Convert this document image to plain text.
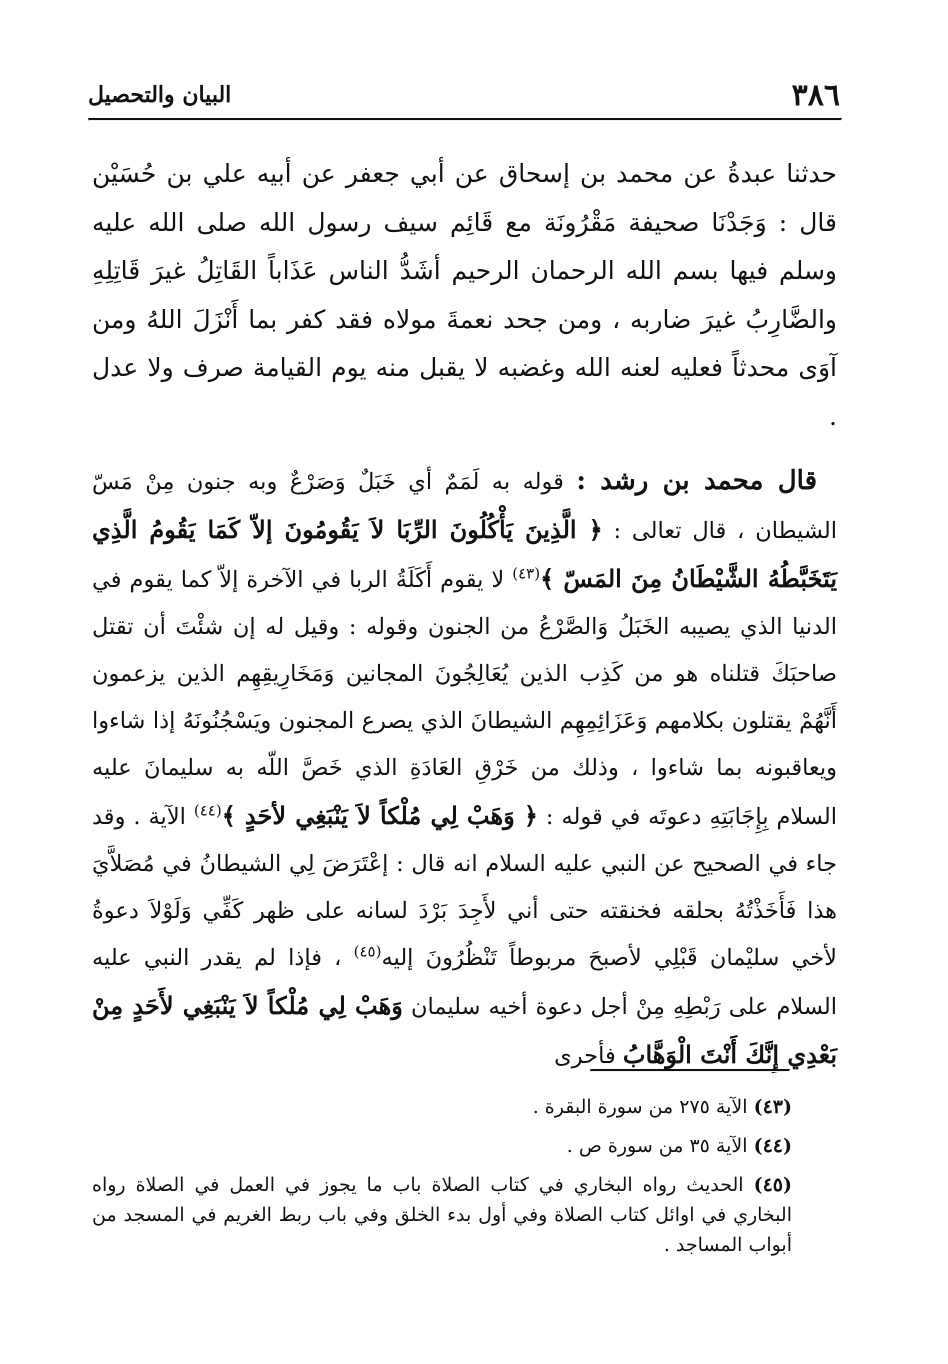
٣٨٦
البيان والتحصيل

حدثنا عبدةُ عن محمد بن إسحاق عن أبي جعفر عن أبيه علي بن حُسَيْن قال : وَجَدْنَا صحيفة مَقْرُونَة مع قَائِم سيف رسول الله صلى الله عليه وسلم فيها بسم الله الرحمان الرحيم أشَدُّ الناس عَذَاباً القَاتِلُ غيرَ قَاتِلِهِ والضَّارِبُ غيرَ ضاربه ، ومن جحد نعمةَ مولاه فقد كفر بما أَنْزَلَ اللهُ ومن آوَى محدثاً فعليه لعنه الله وغضبه لا يقبل منه يوم القيامة صرف ولا عدل .

قال محمد بن رشد : قوله به لَمَمٌ أي خَبَلٌ وَصَرْعٌ وبه جنون مِنْ مَسّ الشيطان ، قال تعالى : ﴿ الَّذِينَ يَأْكُلُونَ الرِّبَا لاَ يَقُومُونَ إلاّ كَمَا يَقُومُ الَّذِي يَتَخَبَّطُهُ الشَّيْطَانُ مِنَ المَسّ ﴾$^{(٤٣)}$ لا يقوم أَكَلَةُ الربا في الآخرة إلاّ كما يقوم في الدنيا الذي يصيبه الخَبَلُ وَالصَّرْعُ من الجنون وقوله : وقيل له إن شئْتَ أن تقتل صاحبَكَ قتلناه هو من كَذِب الذين يُعَالِجُونَ المجانين وَمَخَارِيقِهِم الذين يزعمون أَنَّهُمْ يقتلون بكلامهم وَعَزَائِمِهِم الشيطانَ الذي يصرع المجنون ويَسْجُنُونَهُ إذا شاءوا ويعاقبونه بما شاءوا ، وذلك من خَرْقِ العَادَةِ الذي خَصَّ اللّه به سليمانَ عليه السلام بِإِجَابَتِهِ دعوتَه في قوله : ﴿ وَهَبْ لِي مُلْكاً لاَ يَنْبَغِي لأحَدٍ ﴾$^{(٤٤)}$ الآية . وقد جاء في الصحيح عن النبي عليه السلام انه قال : إعْتَرَضَ لِي الشيطانُ في مُصَلاَّيَ هذا فَأَخَذْتُهُ بحلقه فخنقته حتى أني لأَجِدَ بَرْدَ لسانه على ظهر كَفِّي وَلَوْلاَ دعوةُ لأخي سليْمان قَبْلِي لأصبحَ مربوطاً تَنْظُرُونَ إليه$^{(٤٥)}$ ، فإذا لم يقدر النبي عليه السلام على رَبْطِهِ مِنْ أجل دعوة أخيه سليمان وَهَبْ لِي مُلْكاً لاَ يَنْبَغِي لأَحَدٍ مِنْ بَعْدِي إِنَّكَ أَنْتَ الْوَهَّابُ فأحرى

(٤٣) الآية ٢٧٥ من سورة البقرة .

(٤٤) الآية ٣٥ من سورة ص .

(٤٥) الحديث رواه البخاري في كتاب الصلاة باب ما يجوز في العمل في الصلاة رواه البخاري في اوائل كتاب الصلاة وفي أول بدء الخلق وفي باب ربط الغريم في المسجد من أبواب المساجد .
